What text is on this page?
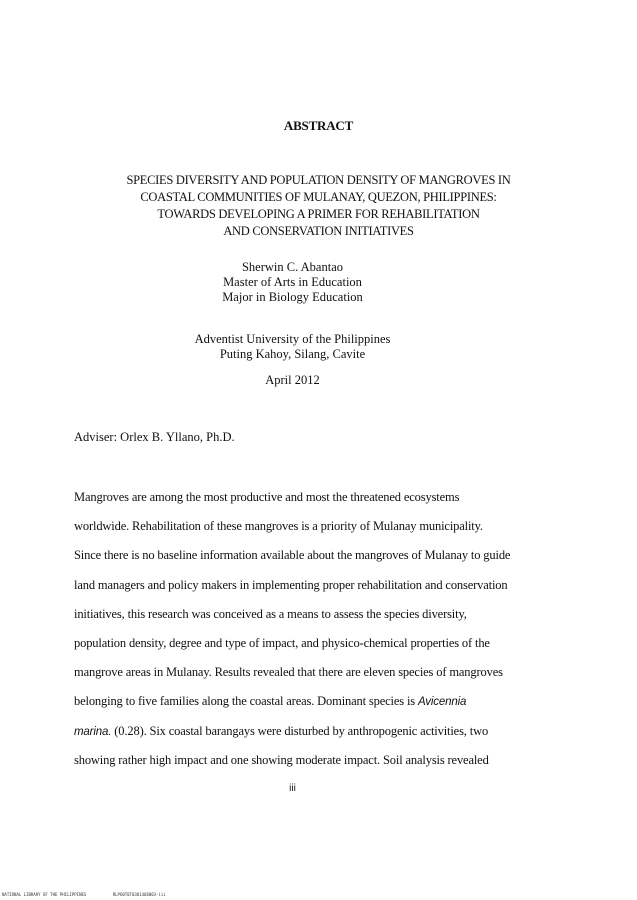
ABSTRACT
SPECIES DIVERSITY AND POPULATION DENSITY OF MANGROVES IN
COASTAL COMMUNITIES OF MULANAY, QUEZON, PHILIPPINES:
TOWARDS DEVELOPING A PRIMER FOR REHABILITATION
AND CONSERVATION INITIATIVES
Sherwin C. Abantao
Master of Arts in Education
Major in Biology Education
Adventist University of the Philippines
Puting Kahoy, Silang, Cavite
April 2012
Adviser: Orlex B. Yllano, Ph.D.
Mangroves are among the most productive and most the threatened ecosystems
worldwide. Rehabilitation of these mangroves is a priority of Mulanay municipality.
Since there is no baseline information available about the mangroves of Mulanay to guide
land managers and policy makers in implementing proper rehabilitation and conservation
initiatives, this research was conceived as a means to assess the species diversity,
population density, degree and type of impact, and physico-chemical properties of the
mangrove areas in Mulanay. Results revealed that there are eleven species of mangroves
belonging to five families along the coastal areas. Dominant species is Avicennia
marina. (0.28). Six coastal barangays were disturbed by anthropogenic activities, two
showing rather high impact and one showing moderate impact. Soil analysis revealed
iii
NATIONAL LIBRARY OF THE PHILIPPINES	RLPO0T0T0301468003-iii
